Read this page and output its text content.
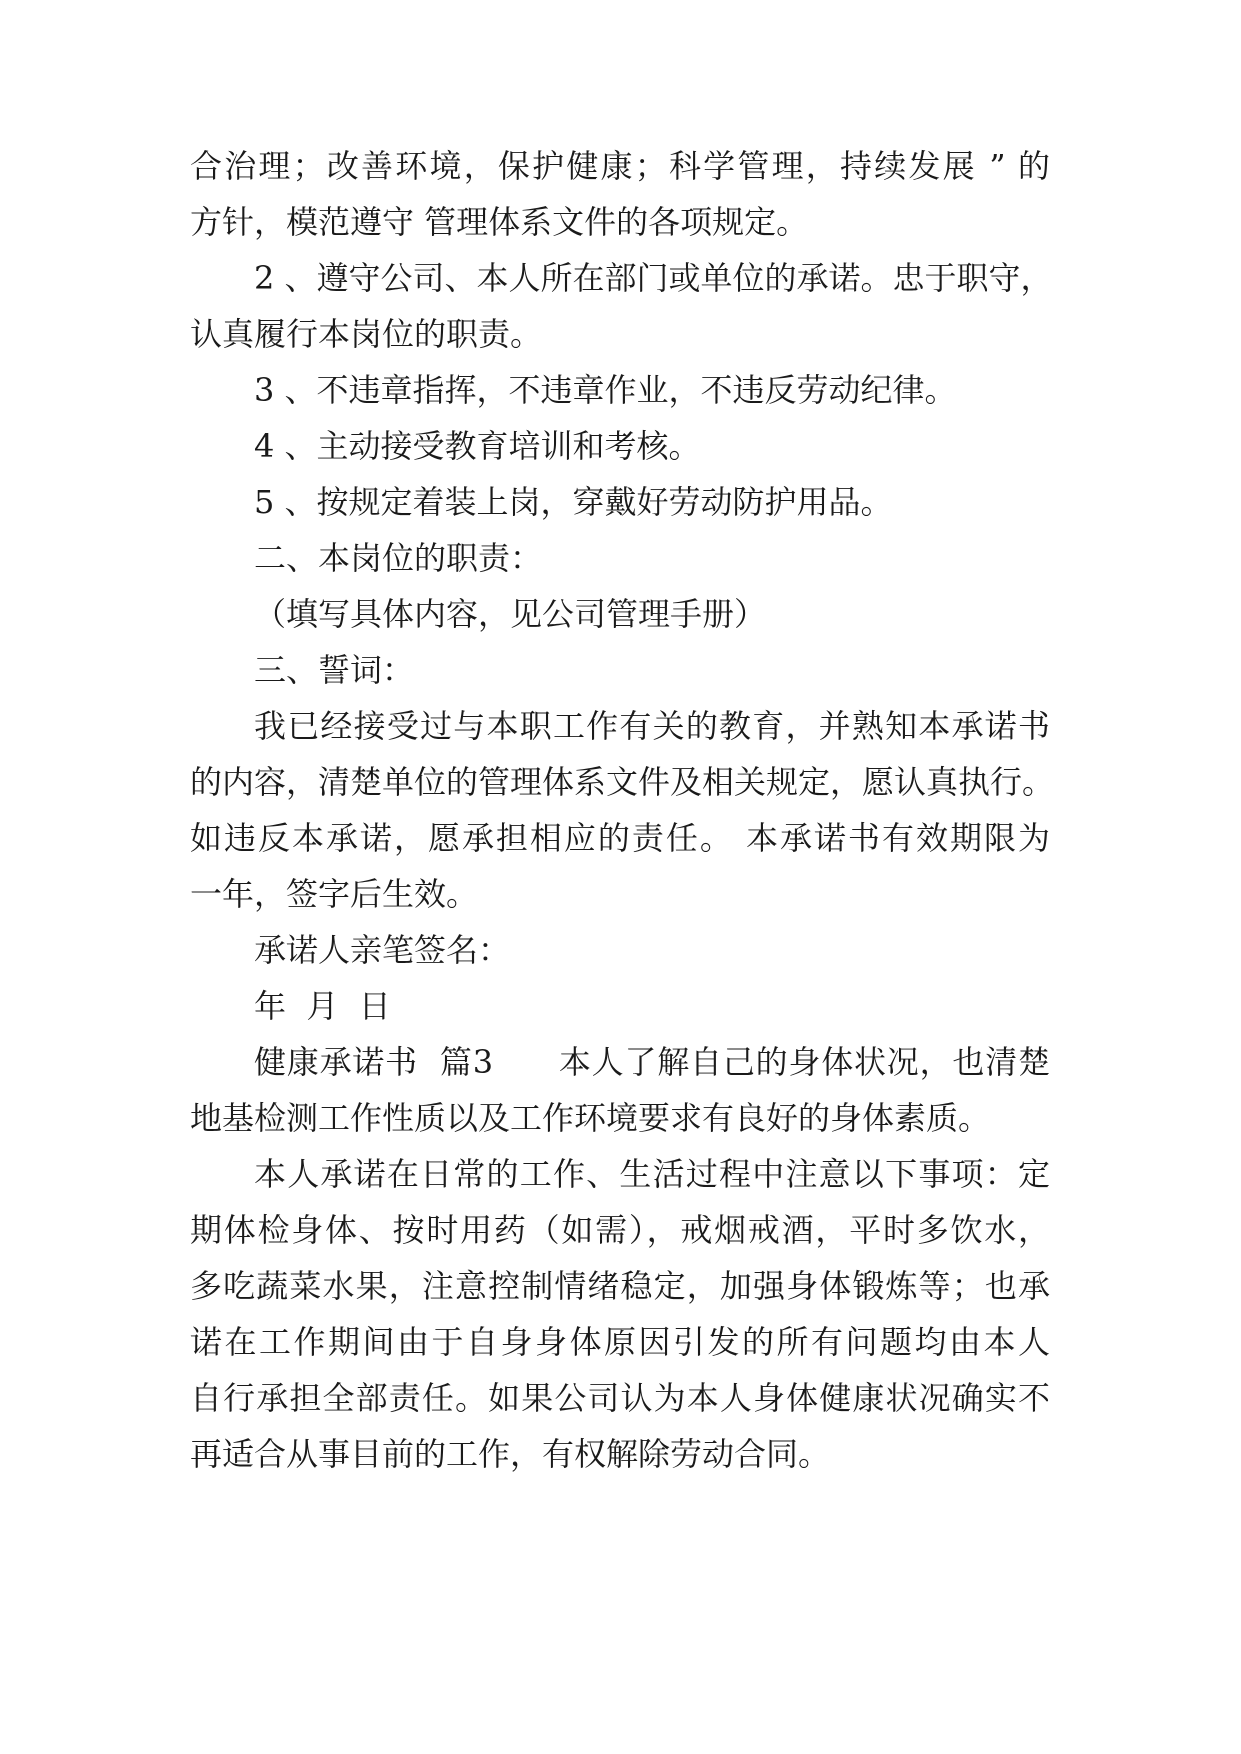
合治理；改善环境，保护健康；科学管理，持续发展 ” 的
方针，模范遵守 管理体系文件的各项规定。
2 、遵守公司、本人所在部门或单位的承诺。忠于职守，
认真履行本岗位的职责。
3 、不违章指挥，不违章作业，不违反劳动纪律。
4 、主动接受教育培训和考核。
5 、按规定着装上岗，穿戴好劳动防护用品。
二、本岗位的职责：
（填写具体内容，见公司管理手册）
三、誓词：
我已经接受过与本职工作有关的教育，并熟知本承诺书
的内容，清楚单位的管理体系文件及相关规定，愿认真执行。
如违反本承诺，愿承担相应的责任。 本承诺书有效期限为
一年，签字后生效。
承诺人亲笔签名：
年  月  日
健康承诺书  篇3      本人了解自己的身体状况，也清楚
地基检测工作性质以及工作环境要求有良好的身体素质。
本人承诺在日常的工作、生活过程中注意以下事项：定
期体检身体、按时用药（如需），戒烟戒酒，平时多饮水，
多吃蔬菜水果，注意控制情绪稳定，加强身体锻炼等；也承
诺在工作期间由于自身身体原因引发的所有问题均由本人
自行承担全部责任。如果公司认为本人身体健康状况确实不
再适合从事目前的工作，有权解除劳动合同。
